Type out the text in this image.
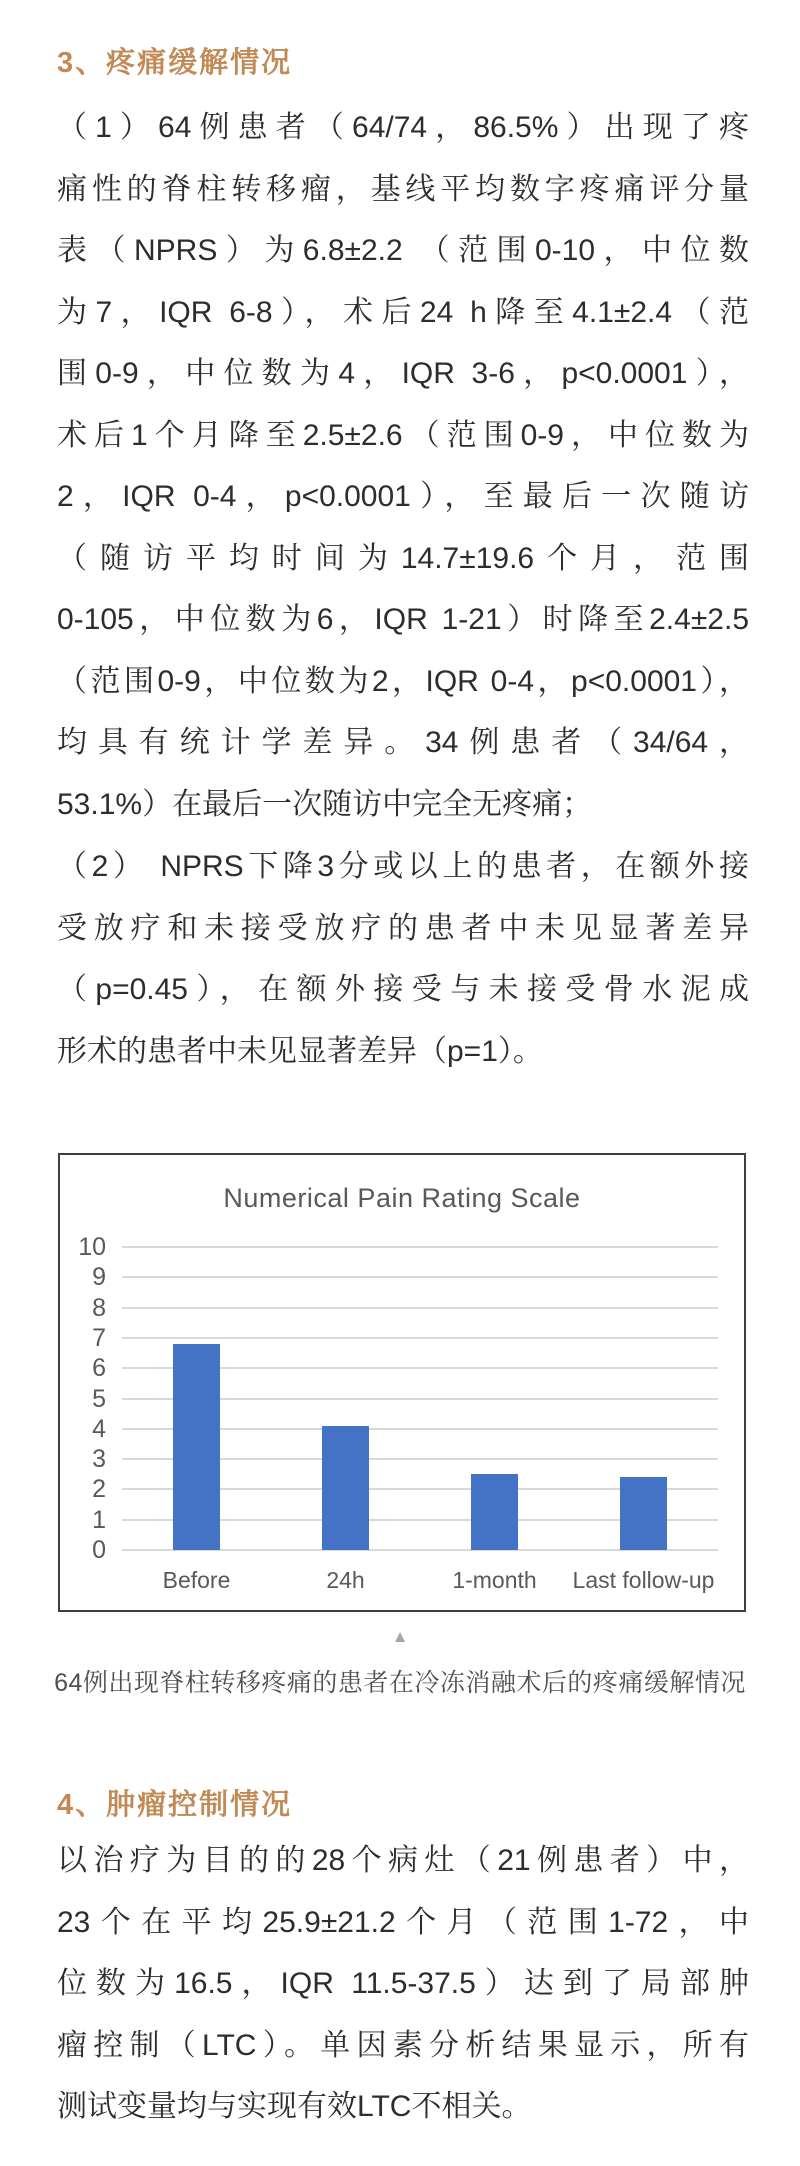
3、疼痛缓解情况
（1）64例患者（64/74，86.5%）出现了疼
痛性的脊柱转移瘤，基线平均数字疼痛评分量
表（NPRS）为6.8±2.2 （范围0-10，中位数
为7，IQR 6-8），术后24 h降至4.1±2.4（范
围0-9，中位数为4，IQR 3-6，p<0.0001），
术后1个月降至2.5±2.6（范围0-9，中位数为
2，IQR 0-4，p<0.0001），至最后一次随访
（随访平均时间为14.7±19.6个月，范围
0-105，中位数为6，IQR 1-21）时降至2.4±2.5
（范围0-9，中位数为2，IQR 0-4，p<0.0001），
均具有统计学差异。34例患者（34/64，
53.1%）在最后一次随访中完全无疼痛；
（2） NPRS下降3分或以上的患者，在额外接
受放疗和未接受放疗的患者中未见显著差异
（p=0.45），在额外接受与未接受骨水泥成
形术的患者中未见显著差异（p=1）。
Numerical Pain Rating Scale
0
1
2
3
4
5
6
7
8
9
10
Before	24h	1-month	Last follow-up
▲
64例出现脊柱转移疼痛的患者在冷冻消融术后的疼痛缓解情况
4、肿瘤控制情况
以治疗为目的的28个病灶（21例患者）中，
23个在平均25.9±21.2个月（范围1-72，中
位数为16.5，IQR 11.5-37.5）达到了局部肿
瘤控制（LTC）。单因素分析结果显示，所有
测试变量均与实现有效LTC不相关。
